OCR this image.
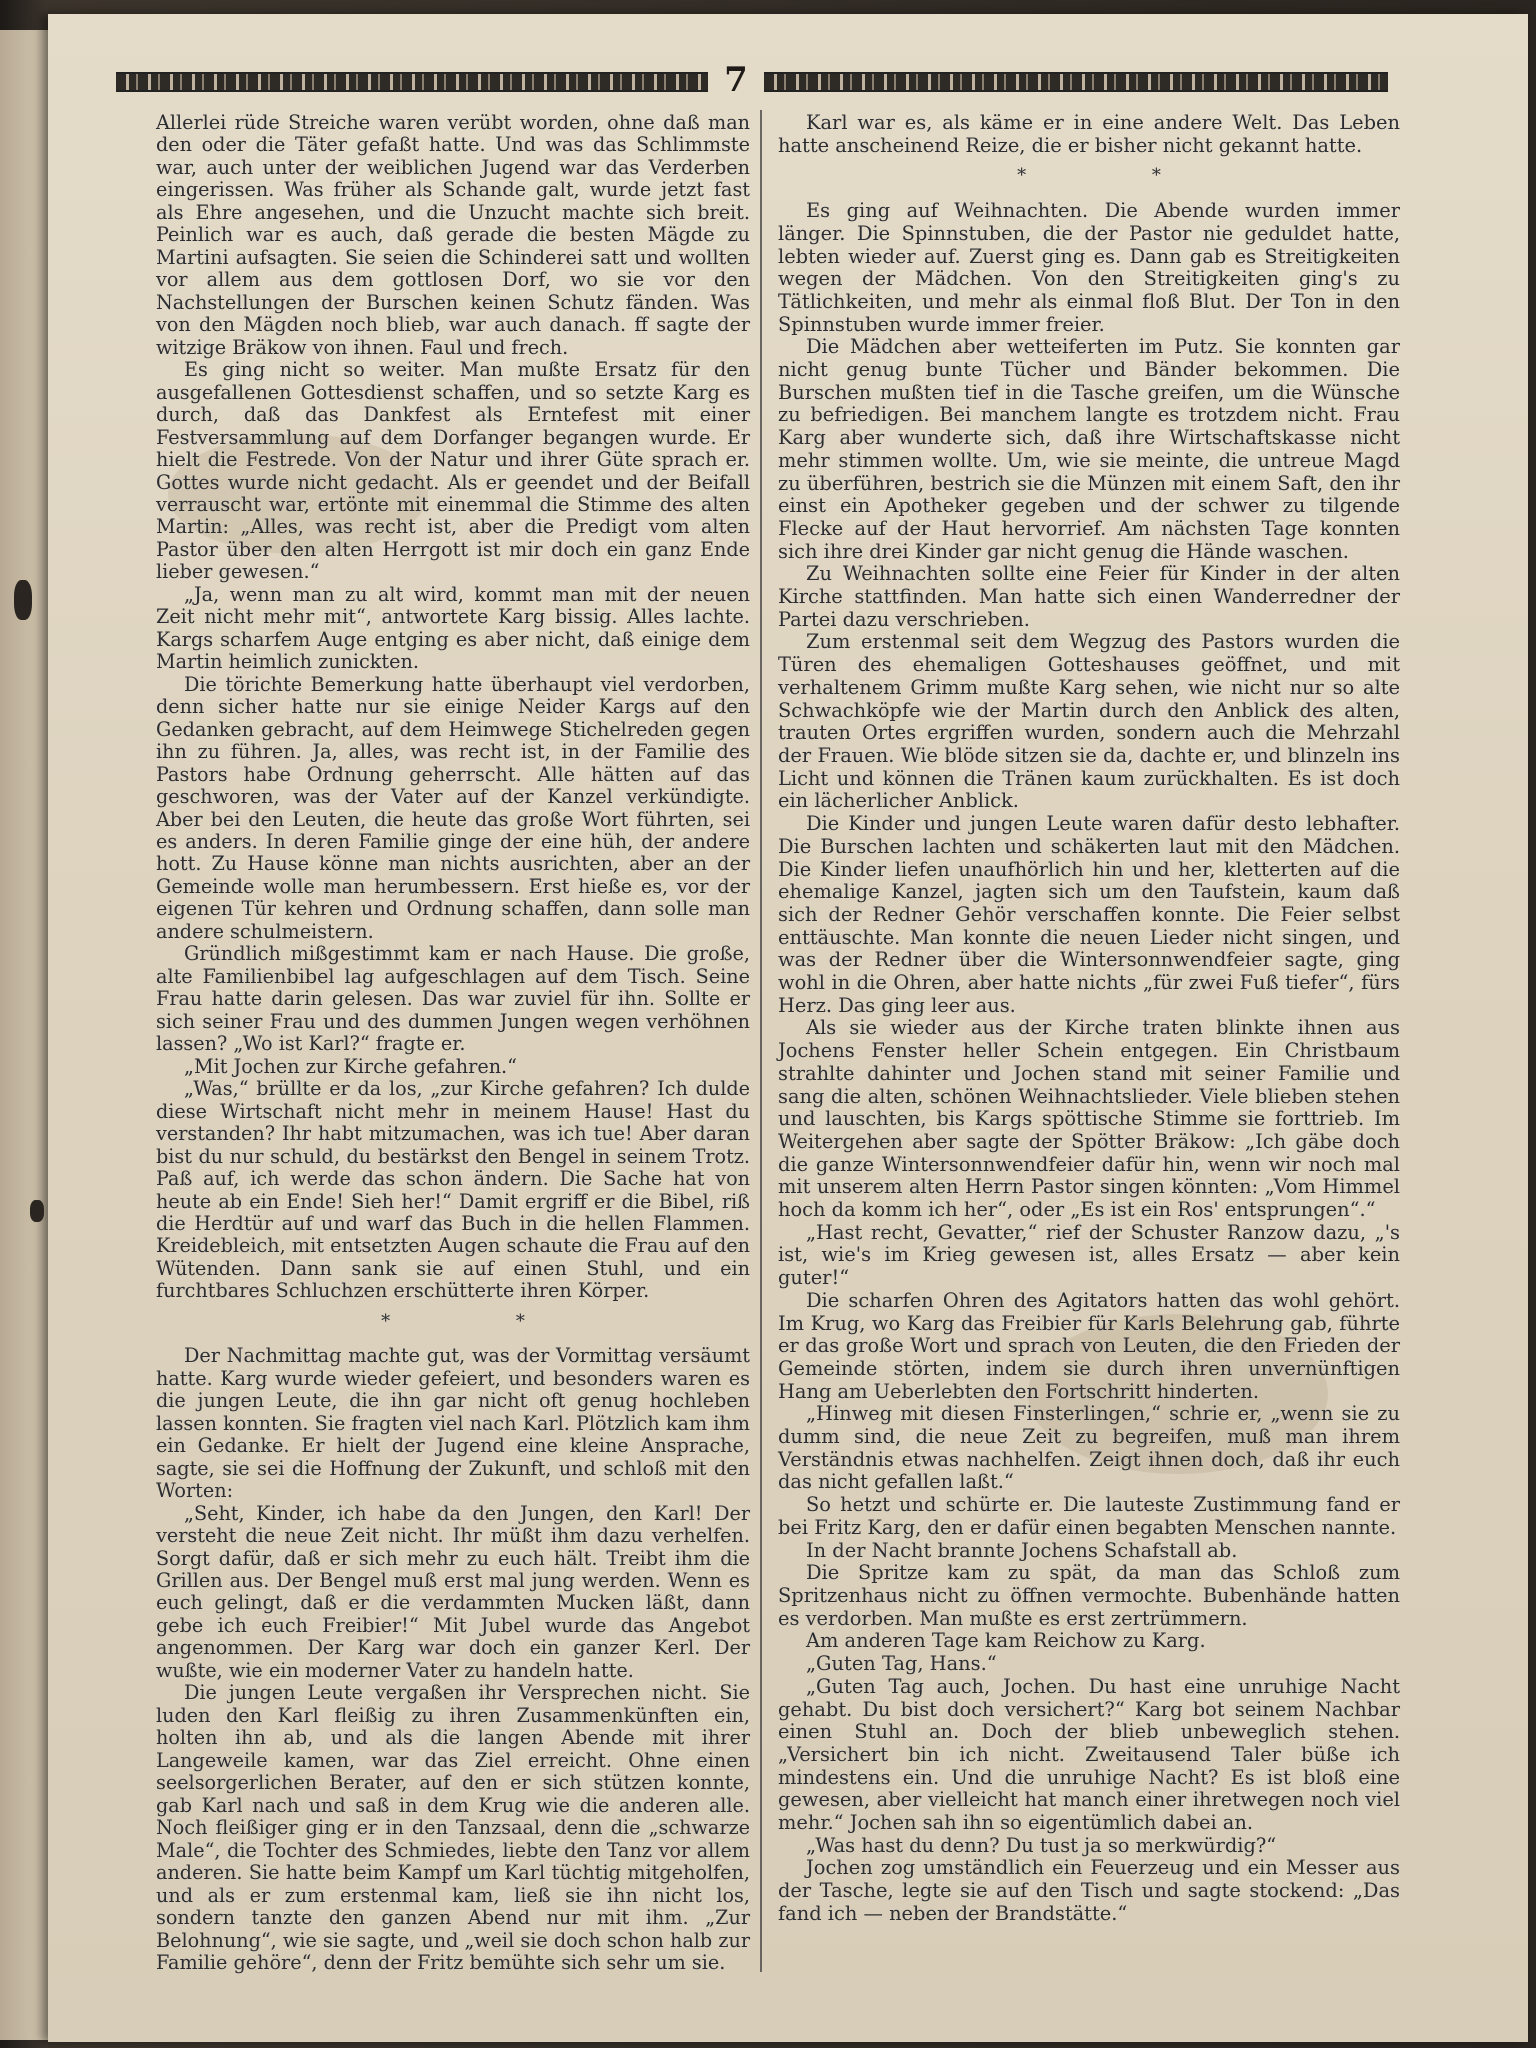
7

Allerlei rüde Streiche waren verübt worden, ohne daß man den oder die Täter gefaßt hatte. Und was das Schlimmste war, auch unter der weiblichen Jugend war das Verderben eingerissen. Was früher als Schande galt, wurde jetzt fast als Ehre angesehen, und die Unzucht machte sich breit. Peinlich war es auch, daß gerade die besten Mägde zu Martini aufsagten. Sie seien die Schinderei satt und wollten vor allem aus dem gottlosen Dorf, wo sie vor den Nachstellungen der Burschen keinen Schutz fänden. Was von den Mägden noch blieb, war auch danach. ff sagte der witzige Bräkow von ihnen. Faul und frech.

Es ging nicht so weiter. Man mußte Ersatz für den ausgefallenen Gottesdienst schaffen, und so setzte Karg es durch, daß das Dankfest als Erntefest mit einer Festversammlung auf dem Dorfanger begangen wurde. Er hielt die Festrede. Von der Natur und ihrer Güte sprach er. Gottes wurde nicht gedacht. Als er geendet und der Beifall verrauscht war, ertönte mit einemmal die Stimme des alten Martin: „Alles, was recht ist, aber die Predigt vom alten Pastor über den alten Herrgott ist mir doch ein ganz Ende lieber gewesen.“

„Ja, wenn man zu alt wird, kommt man mit der neuen Zeit nicht mehr mit“, antwortete Karg bissig. Alles lachte. Kargs scharfem Auge entging es aber nicht, daß einige dem Martin heimlich zunickten.

Die törichte Bemerkung hatte überhaupt viel verdorben, denn sicher hatte nur sie einige Neider Kargs auf den Gedanken gebracht, auf dem Heimwege Stichelreden gegen ihn zu führen. Ja, alles, was recht ist, in der Familie des Pastors habe Ordnung geherrscht. Alle hätten auf das geschworen, was der Vater auf der Kanzel verkündigte. Aber bei den Leuten, die heute das große Wort führten, sei es anders. In deren Familie ginge der eine hüh, der andere hott. Zu Hause könne man nichts ausrichten, aber an der Gemeinde wolle man herumbessern. Erst hieße es, vor der eigenen Tür kehren und Ordnung schaffen, dann solle man andere schulmeistern.

Gründlich mißgestimmt kam er nach Hause. Die große, alte Familienbibel lag aufgeschlagen auf dem Tisch. Seine Frau hatte darin gelesen. Das war zuviel für ihn. Sollte er sich seiner Frau und des dummen Jungen wegen verhöhnen lassen? „Wo ist Karl?“ fragte er.

„Mit Jochen zur Kirche gefahren.“

„Was,“ brüllte er da los, „zur Kirche gefahren? Ich dulde diese Wirtschaft nicht mehr in meinem Hause! Hast du verstanden? Ihr habt mitzumachen, was ich tue! Aber daran bist du nur schuld, du bestärkst den Bengel in seinem Trotz. Paß auf, ich werde das schon ändern. Die Sache hat von heute ab ein Ende! Sieh her!“ Damit ergriff er die Bibel, riß die Herdtür auf und warf das Buch in die hellen Flammen. Kreidebleich, mit entsetzten Augen schaute die Frau auf den Wütenden. Dann sank sie auf einen Stuhl, und ein furchtbares Schluchzen erschütterte ihren Körper.

* *

Der Nachmittag machte gut, was der Vormittag versäumt hatte. Karg wurde wieder gefeiert, und besonders waren es die jungen Leute, die ihn gar nicht oft genug hochleben lassen konnten. Sie fragten viel nach Karl. Plötzlich kam ihm ein Gedanke. Er hielt der Jugend eine kleine Ansprache, sagte, sie sei die Hoffnung der Zukunft, und schloß mit den Worten:

„Seht, Kinder, ich habe da den Jungen, den Karl! Der versteht die neue Zeit nicht. Ihr müßt ihm dazu verhelfen. Sorgt dafür, daß er sich mehr zu euch hält. Treibt ihm die Grillen aus. Der Bengel muß erst mal jung werden. Wenn es euch gelingt, daß er die verdammten Mucken läßt, dann gebe ich euch Freibier!“ Mit Jubel wurde das Angebot angenommen. Der Karg war doch ein ganzer Kerl. Der wußte, wie ein moderner Vater zu handeln hatte.

Die jungen Leute vergaßen ihr Versprechen nicht. Sie luden den Karl fleißig zu ihren Zusammenkünften ein, holten ihn ab, und als die langen Abende mit ihrer Langeweile kamen, war das Ziel erreicht. Ohne einen seelsorgerlichen Berater, auf den er sich stützen konnte, gab Karl nach und saß in dem Krug wie die anderen alle. Noch fleißiger ging er in den Tanzsaal, denn die „schwarze Male“, die Tochter des Schmiedes, liebte den Tanz vor allem anderen. Sie hatte beim Kampf um Karl tüchtig mitgeholfen, und als er zum erstenmal kam, ließ sie ihn nicht los, sondern tanzte den ganzen Abend nur mit ihm. „Zur Belohnung“, wie sie sagte, und „weil sie doch schon halb zur Familie gehöre“, denn der Fritz bemühte sich sehr um sie.

Karl war es, als käme er in eine andere Welt. Das Leben hatte anscheinend Reize, die er bisher nicht gekannt hatte.

* *

Es ging auf Weihnachten. Die Abende wurden immer länger. Die Spinnstuben, die der Pastor nie geduldet hatte, lebten wieder auf. Zuerst ging es. Dann gab es Streitigkeiten wegen der Mädchen. Von den Streitigkeiten ging's zu Tätlichkeiten, und mehr als einmal floß Blut. Der Ton in den Spinnstuben wurde immer freier.

Die Mädchen aber wetteiferten im Putz. Sie konnten gar nicht genug bunte Tücher und Bänder bekommen. Die Burschen mußten tief in die Tasche greifen, um die Wünsche zu befriedigen. Bei manchem langte es trotzdem nicht. Frau Karg aber wunderte sich, daß ihre Wirtschaftskasse nicht mehr stimmen wollte. Um, wie sie meinte, die untreue Magd zu überführen, bestrich sie die Münzen mit einem Saft, den ihr einst ein Apotheker gegeben und der schwer zu tilgende Flecke auf der Haut hervorrief. Am nächsten Tage konnten sich ihre drei Kinder gar nicht genug die Hände waschen.

Zu Weihnachten sollte eine Feier für Kinder in der alten Kirche stattfinden. Man hatte sich einen Wanderredner der Partei dazu verschrieben.

Zum erstenmal seit dem Wegzug des Pastors wurden die Türen des ehemaligen Gotteshauses geöffnet, und mit verhaltenem Grimm mußte Karg sehen, wie nicht nur so alte Schwachköpfe wie der Martin durch den Anblick des alten, trauten Ortes ergriffen wurden, sondern auch die Mehrzahl der Frauen. Wie blöde sitzen sie da, dachte er, und blinzeln ins Licht und können die Tränen kaum zurückhalten. Es ist doch ein lächerlicher Anblick.

Die Kinder und jungen Leute waren dafür desto lebhafter. Die Burschen lachten und schäkerten laut mit den Mädchen. Die Kinder liefen unaufhörlich hin und her, kletterten auf die ehemalige Kanzel, jagten sich um den Taufstein, kaum daß sich der Redner Gehör verschaffen konnte. Die Feier selbst enttäuschte. Man konnte die neuen Lieder nicht singen, und was der Redner über die Wintersonnwendfeier sagte, ging wohl in die Ohren, aber hatte nichts „für zwei Fuß tiefer“, fürs Herz. Das ging leer aus.

Als sie wieder aus der Kirche traten blinkte ihnen aus Jochens Fenster heller Schein entgegen. Ein Christbaum strahlte dahinter und Jochen stand mit seiner Familie und sang die alten, schönen Weihnachtslieder. Viele blieben stehen und lauschten, bis Kargs spöttische Stimme sie forttrieb. Im Weitergehen aber sagte der Spötter Bräkow: „Ich gäbe doch die ganze Wintersonnwendfeier dafür hin, wenn wir noch mal mit unserem alten Herrn Pastor singen könnten: „Vom Himmel hoch da komm ich her“, oder „Es ist ein Ros' entsprungen“.“

„Hast recht, Gevatter,“ rief der Schuster Ranzow dazu, „'s ist, wie's im Krieg gewesen ist, alles Ersatz — aber kein guter!“

Die scharfen Ohren des Agitators hatten das wohl gehört. Im Krug, wo Karg das Freibier für Karls Belehrung gab, führte er das große Wort und sprach von Leuten, die den Frieden der Gemeinde störten, indem sie durch ihren unvernünftigen Hang am Ueberlebten den Fortschritt hinderten.

„Hinweg mit diesen Finsterlingen,“ schrie er, „wenn sie zu dumm sind, die neue Zeit zu begreifen, muß man ihrem Verständnis etwas nachhelfen. Zeigt ihnen doch, daß ihr euch das nicht gefallen laßt.“

So hetzt und schürte er. Die lauteste Zustimmung fand er bei Fritz Karg, den er dafür einen begabten Menschen nannte.

In der Nacht brannte Jochens Schafstall ab.

Die Spritze kam zu spät, da man das Schloß zum Spritzenhaus nicht zu öffnen vermochte. Bubenhände hatten es verdorben. Man mußte es erst zertrümmern.

Am anderen Tage kam Reichow zu Karg.

„Guten Tag, Hans.“

„Guten Tag auch, Jochen. Du hast eine unruhige Nacht gehabt. Du bist doch versichert?“ Karg bot seinem Nachbar einen Stuhl an. Doch der blieb unbeweglich stehen. „Versichert bin ich nicht. Zweitausend Taler büße ich mindestens ein. Und die unruhige Nacht? Es ist bloß eine gewesen, aber vielleicht hat manch einer ihretwegen noch viel mehr.“ Jochen sah ihn so eigentümlich dabei an.

„Was hast du denn? Du tust ja so merkwürdig?“

Jochen zog umständlich ein Feuerzeug und ein Messer aus der Tasche, legte sie auf den Tisch und sagte stockend: „Das fand ich — neben der Brandstätte.“
